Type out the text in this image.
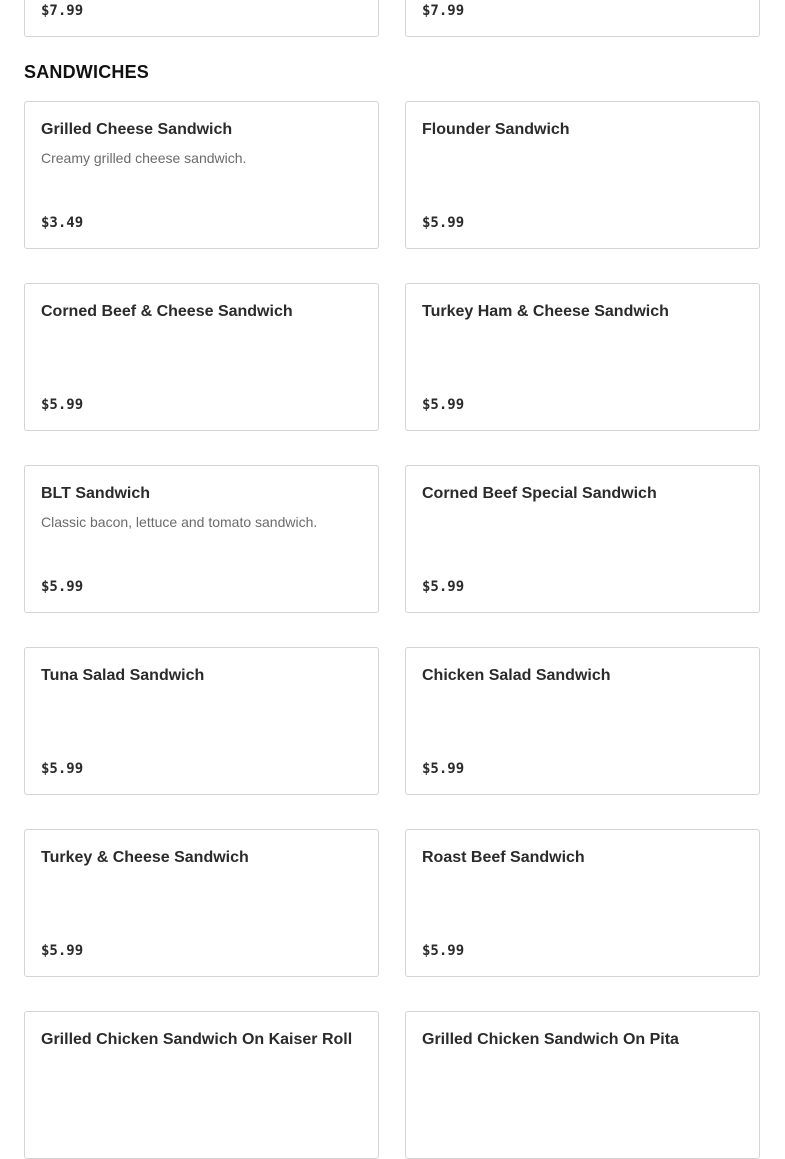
$7.99	$7.99
SANDWICHES
Grilled Cheese Sandwich
Creamy grilled cheese sandwich.
$3.49
Flounder Sandwich
$5.99
Corned Beef & Cheese Sandwich
$5.99
Turkey Ham & Cheese Sandwich
$5.99
BLT Sandwich
Classic bacon, lettuce and tomato sandwich.
$5.99
Corned Beef Special Sandwich
$5.99
Tuna Salad Sandwich
$5.99
Chicken Salad Sandwich
$5.99
Turkey & Cheese Sandwich
$5.99
Roast Beef Sandwich
$5.99
Grilled Chicken Sandwich On Kaiser Roll	Grilled Chicken Sandwich On Pita
